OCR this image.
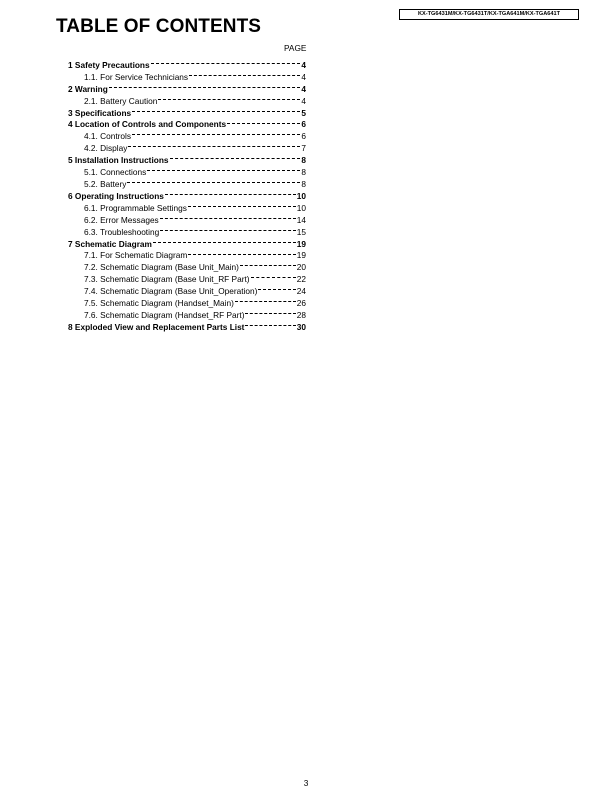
KX-TG6431M/KX-TG6431T/KX-TGA641M/KX-TGA641T
TABLE OF CONTENTS
PAGE
1 Safety Precautions	4
1.1. For Service Technicians	4
2 Warning	4
2.1. Battery Caution	4
3 Specifications	5
4 Location of Controls and Components	6
4.1. Controls	6
4.2. Display	7
5 Installation Instructions	8
5.1. Connections	8
5.2. Battery	8
6 Operating Instructions	10
6.1. Programmable Settings	10
6.2. Error Messages	14
6.3. Troubleshooting	15
7 Schematic Diagram	19
7.1. For Schematic Diagram	19
7.2. Schematic Diagram (Base Unit_Main)	20
7.3. Schematic Diagram (Base Unit_RF Part)	22
7.4. Schematic Diagram (Base Unit_Operation)	24
7.5. Schematic Diagram (Handset_Main)	26
7.6. Schematic Diagram (Handset_RF Part)	28
8 Exploded View and Replacement Parts List	30
3
